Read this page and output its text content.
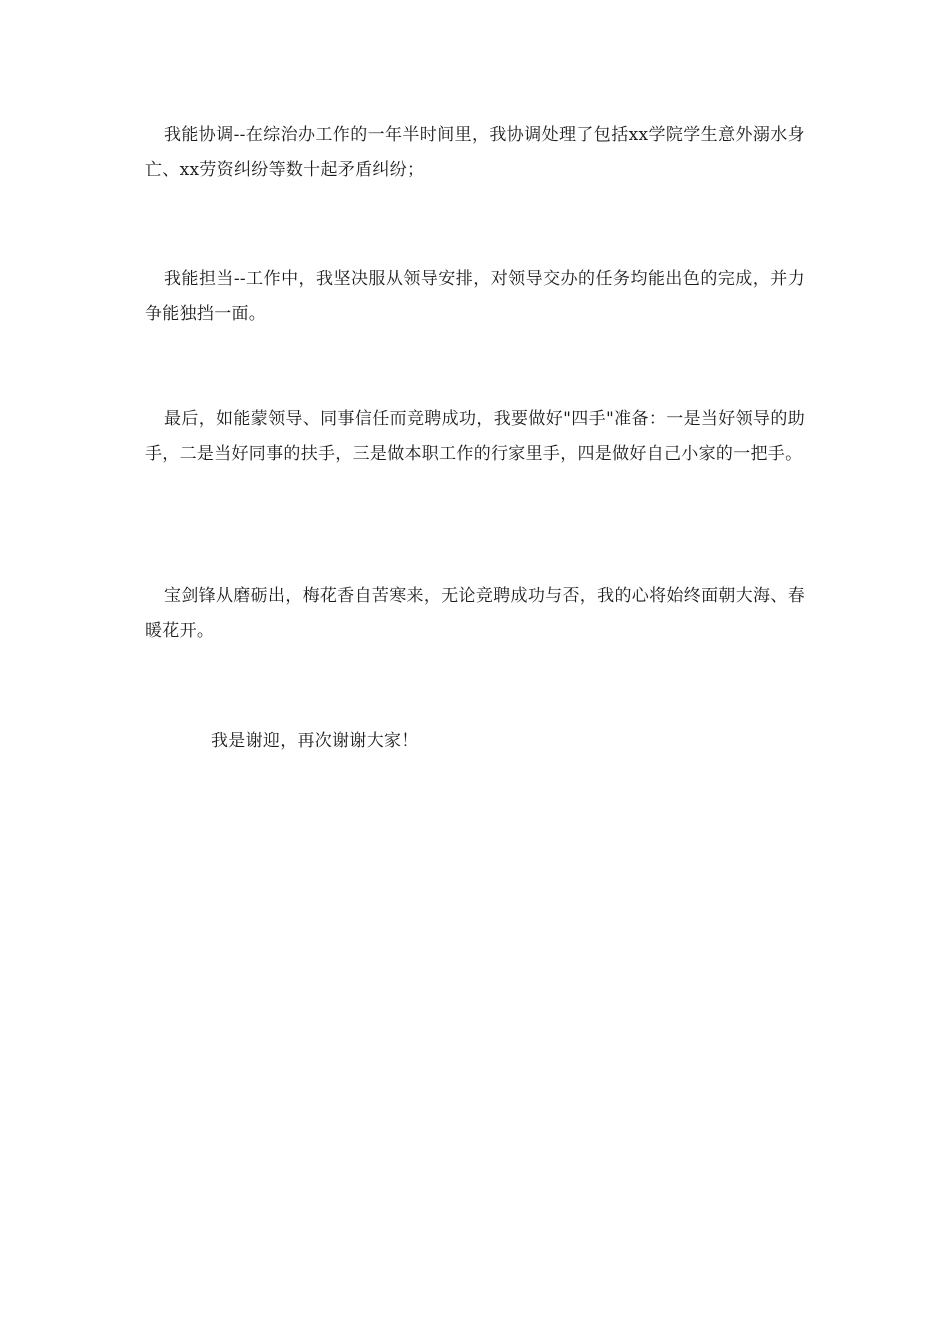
我能协调--在综治办工作的一年半时间里，我协调处理了包括xx学院学生意外溺水身亡、xx劳资纠纷等数十起矛盾纠纷；

我能担当--工作中，我坚决服从领导安排，对领导交办的任务均能出色的完成，并力争能独挡一面。

最后，如能蒙领导、同事信任而竞聘成功，我要做好"四手"准备：一是当好领导的助手，二是当好同事的扶手，三是做本职工作的行家里手，四是做好自己小家的一把手。

宝剑锋从磨砺出，梅花香自苦寒来，无论竞聘成功与否，我的心将始终面朝大海、春暖花开。

我是谢迎，再次谢谢大家！
